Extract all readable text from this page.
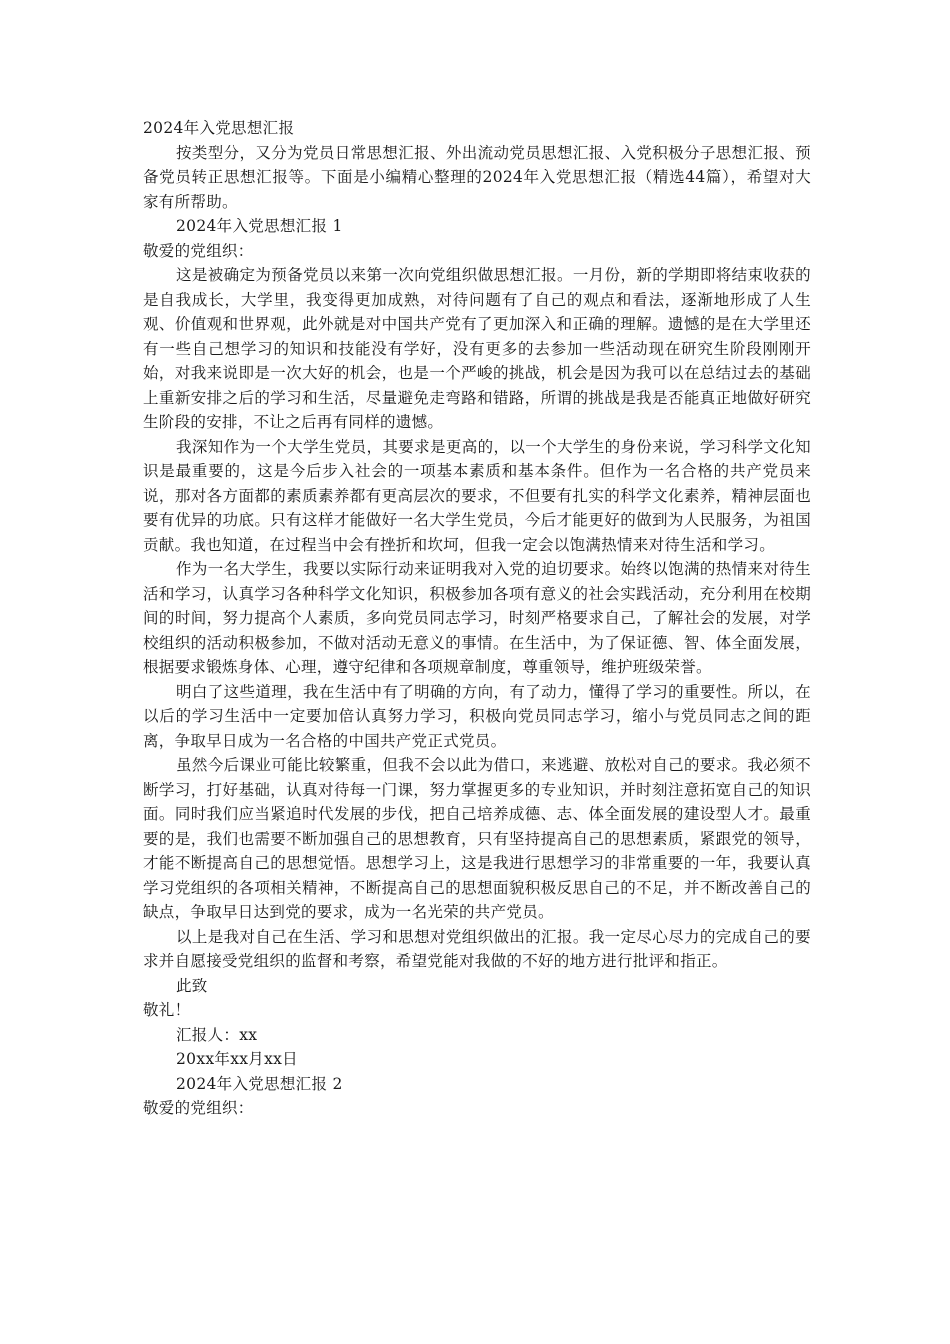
2024年入党思想汇报

按类型分，又分为党员日常思想汇报、外出流动党员思想汇报、入党积极分子思想汇报、预备党员转正思想汇报等。下面是小编精心整理的2024年入党思想汇报（精选44篇），希望对大家有所帮助。

2024年入党思想汇报 1

敬爱的党组织：

这是被确定为预备党员以来第一次向党组织做思想汇报。一月份，新的学期即将结束收获的是自我成长，大学里，我变得更加成熟，对待问题有了自己的观点和看法，逐渐地形成了人生观、价值观和世界观，此外就是对中国共产党有了更加深入和正确的理解。遗憾的是在大学里还有一些自己想学习的知识和技能没有学好，没有更多的去参加一些活动现在研究生阶段刚刚开始，对我来说即是一次大好的机会，也是一个严峻的挑战，机会是因为我可以在总结过去的基础上重新安排之后的学习和生活，尽量避免走弯路和错路，所谓的挑战是我是否能真正地做好研究生阶段的安排，不让之后再有同样的遗憾。

我深知作为一个大学生党员，其要求是更高的，以一个大学生的身份来说，学习科学文化知识是最重要的，这是今后步入社会的一项基本素质和基本条件。但作为一名合格的共产党员来说，那对各方面都的素质素养都有更高层次的要求，不但要有扎实的科学文化素养，精神层面也要有优异的功底。只有这样才能做好一名大学生党员，今后才能更好的做到为人民服务，为祖国贡献。我也知道，在过程当中会有挫折和坎坷，但我一定会以饱满热情来对待生活和学习。

作为一名大学生，我要以实际行动来证明我对入党的迫切要求。始终以饱满的热情来对待生活和学习，认真学习各种科学文化知识，积极参加各项有意义的社会实践活动，充分利用在校期间的时间，努力提高个人素质，多向党员同志学习，时刻严格要求自己，了解社会的发展，对学校组织的活动积极参加，不做对活动无意义的事情。在生活中，为了保证德、智、体全面发展，根据要求锻炼身体、心理，遵守纪律和各项规章制度，尊重领导，维护班级荣誉。

明白了这些道理，我在生活中有了明确的方向，有了动力，懂得了学习的重要性。所以，在以后的学习生活中一定要加倍认真努力学习，积极向党员同志学习，缩小与党员同志之间的距离，争取早日成为一名合格的中国共产党正式党员。

虽然今后课业可能比较繁重，但我不会以此为借口，来逃避、放松对自己的要求。我必须不断学习，打好基础，认真对待每一门课，努力掌握更多的专业知识，并时刻注意拓宽自己的知识面。同时我们应当紧追时代发展的步伐，把自己培养成德、志、体全面发展的建设型人才。最重要的是，我们也需要不断加强自己的思想教育，只有坚持提高自己的思想素质，紧跟党的领导，才能不断提高自己的思想觉悟。思想学习上，这是我进行思想学习的非常重要的一年，我要认真学习党组织的各项相关精神，不断提高自己的思想面貌积极反思自己的不足，并不断改善自己的缺点，争取早日达到党的要求，成为一名光荣的共产党员。

以上是我对自己在生活、学习和思想对党组织做出的汇报。我一定尽心尽力的完成自己的要求并自愿接受党组织的监督和考察，希望党能对我做的不好的地方进行批评和指正。

此致

敬礼！

汇报人：xx

20xx年xx月xx日

2024年入党思想汇报 2

敬爱的党组织：
